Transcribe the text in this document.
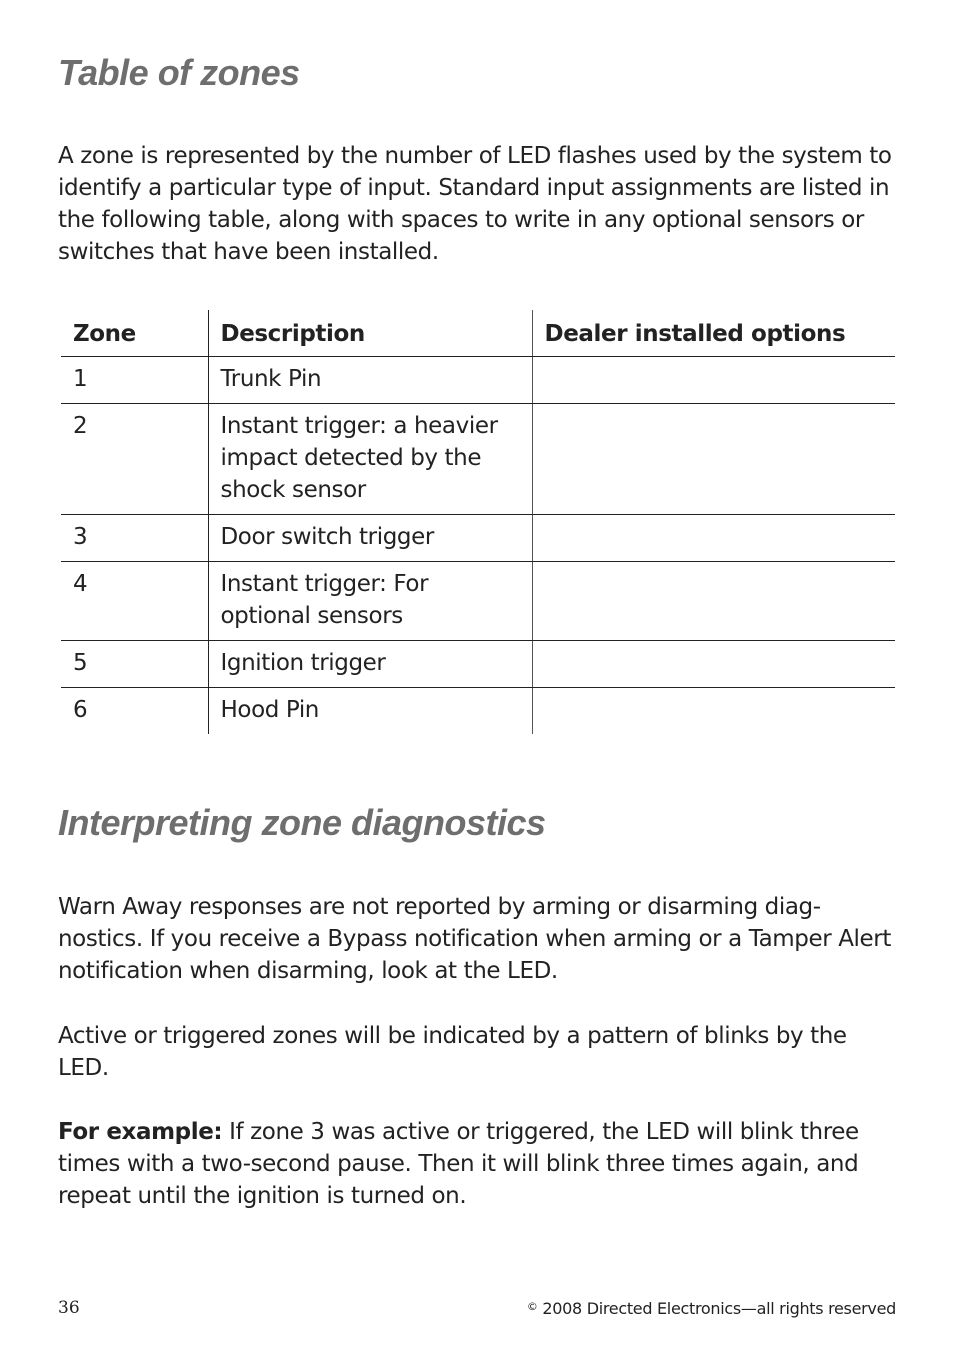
Table of zones

A zone is represented by the number of LED flashes used by the system to identify a particular type of input. Standard input assignments are listed in the following table, along with spaces to write in any optional sensors or switches that have been installed.

Zone	Description	Dealer installed options
1	Trunk Pin	
2	Instant trigger: a heavier impact detected by the shock sensor	
3	Door switch trigger	
4	Instant trigger: For optional sensors	
5	Ignition trigger	
6	Hood Pin	
Interpreting zone diagnostics

Warn Away responses are not reported by arming or disarming diag-nostics. If you receive a Bypass notification when arming or a Tamper Alert notification when disarming, look at the LED.

Active or triggered zones will be indicated by a pattern of blinks by the LED.

For example: If zone 3 was active or triggered, the LED will blink three times with a two-second pause. Then it will blink three times again, and repeat until the ignition is turned on.

36	© 2008 Directed Electronics—all rights reserved
